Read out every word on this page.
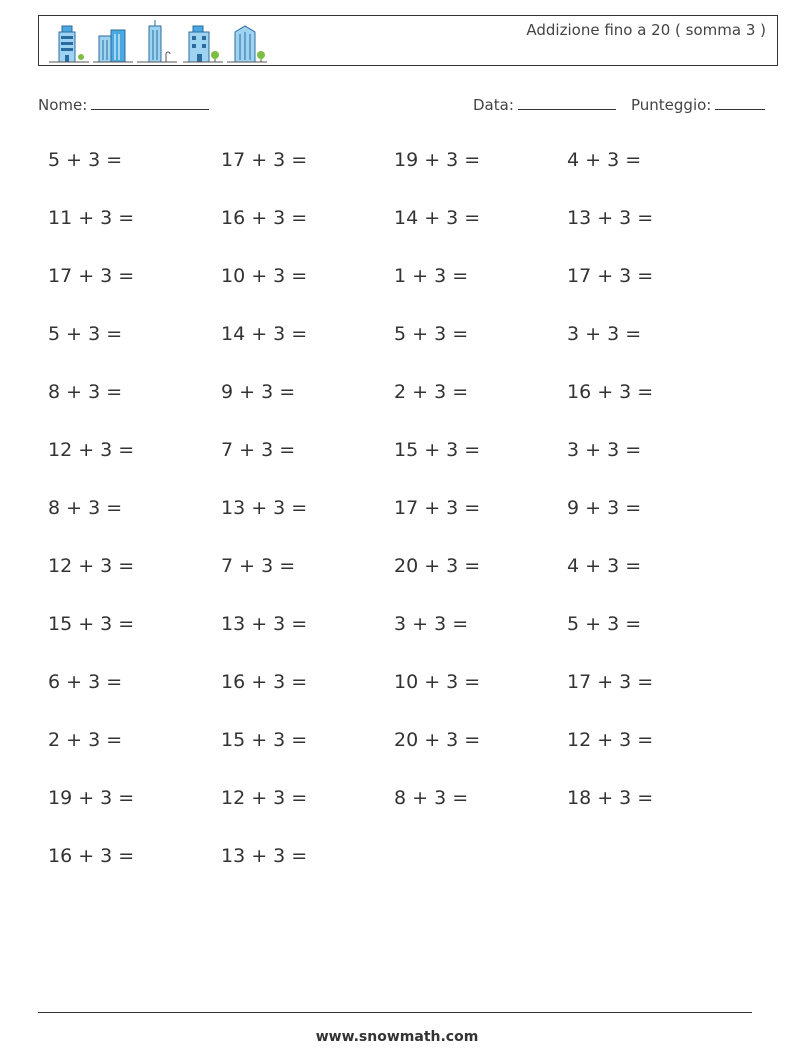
Addizione fino a 20 ( somma 3 )
Nome:	Data:	Punteggio:
5 + 3 =	17 + 3 =	19 + 3 =	4 + 3 =
11 + 3 =	16 + 3 =	14 + 3 =	13 + 3 =
17 + 3 =	10 + 3 =	1 + 3 =	17 + 3 =
5 + 3 =	14 + 3 =	5 + 3 =	3 + 3 =
8 + 3 =	9 + 3 =	2 + 3 =	16 + 3 =
12 + 3 =	7 + 3 =	15 + 3 =	3 + 3 =
8 + 3 =	13 + 3 =	17 + 3 =	9 + 3 =
12 + 3 =	7 + 3 =	20 + 3 =	4 + 3 =
15 + 3 =	13 + 3 =	3 + 3 =	5 + 3 =
6 + 3 =	16 + 3 =	10 + 3 =	17 + 3 =
2 + 3 =	15 + 3 =	20 + 3 =	12 + 3 =
19 + 3 =	12 + 3 =	8 + 3 =	18 + 3 =
16 + 3 =	13 + 3 =
www.snowmath.com
